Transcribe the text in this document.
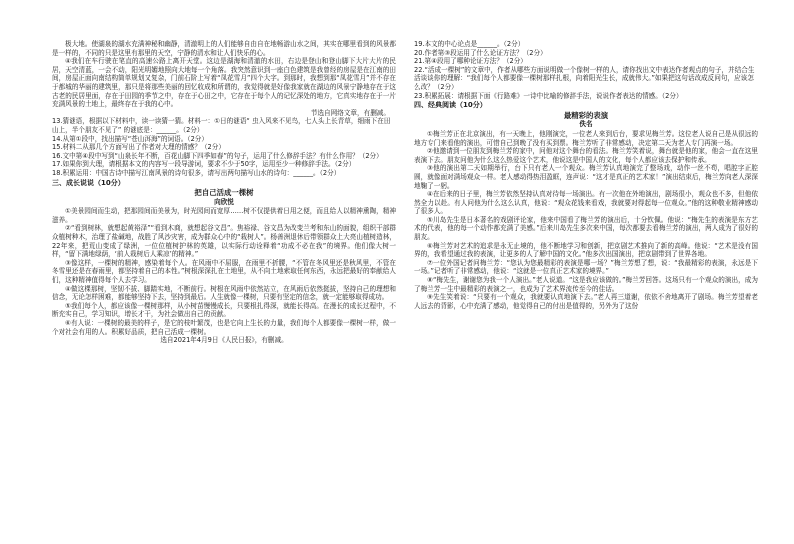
极大地。使湖泉的湖水充满神秘和幽静，清澈明上的人们能够自由自在地畅游山水之间，其实在哪里看到的风景都是一样的，不同的只是这里有那里的天空，宁静的清水和让人们快乐的心。

④我们在车行驶在笔直的高速公路上离开天堂。这边是湖海和清澈的水田，右边是登山和登山脚下大片大片的民居，天空清蓝，一会不动，阳光明媚地照向大地每一个角落。我突然意识到一座白色建筑是我曾经的房屋是在江南的田间，房屋正面向南结构简单规划又复杂，门前石阶上写着“凤花雪月”四个大字。到那时，我想到那“凤花雪月”并不存在于都城的华丽的建筑里，那只是将那些美丽的回忆收成和所谓的，我觉得就是好像我家就在湖边的风景宁静地存在于这古老的民居里面，存在于田园的季节之中，存在于心田之中，它存在于每个人的记忆深处的地方，它真实地存在于一片充满风景的土地上，最终存在于我的心中。

节选自网络文章，有删减。

13.猜谜语，根据以下材料中，读一读猜一猜。材料一：①日的谜语“ 虫入风来不见鸟，七人头上长青草，细雨下在田山上，半个朋友不见了” 的谜底是：______。（2分）

14.从第①段中，找出描写“苍山洱海”的词语。（2分）

15.材料二从那几个方面写出了作者对大理的情感？（2分）

16.文中第④段中写到“山泉长年不断，百花山脚下四季如春”的句子，运用了什么修辞手法？有什么作用？（2分）

17.如果你到大理，请根据本文的内容写一段导游词，要求不少于50字，运用至少一种修辞手法。（2分）

18.积累运用：中国古诗中描写江南风景的诗句很多，请写出两句描写山水的诗句：______。（2分）

三、成长说说（10分）

把自己活成一棵树

向欣悦

①美景园间而生动，把那园间而美景为，时光园间而宽厚……树不仅提供着日用之便，而且给人以精神熏陶，精神滋养。

②“看到树林，就想起黄裕泽”“看到木商，就想起谷文昌”。焦裕禄、谷文昌为改变兰考和东山的面貌，组织干部群众植树种木，治理了盐碱地，战胜了风沙灾害，成为群众心中的“栽树人”。杨善洲退休后带领群众上大亮山植树造林，22年来，把荒山变成了绿洲，一位位植树护林的英雄，以实际行动诠释着“功成不必在我”的境界。他们像大树一样，“留下满地绿荫，‘前人栽树后人乘凉’的精神。”

③像这样，一棵树的精神，感染着每个人。在风雨中不屈服，在雨里不折腰，“不管在冬风里还是秋风里，不管在冬雪里还是在春雨里，都坚持着自己的本性。”树根深深扎在土地里，从不向土地索取任何东西，永远把最好的奉献给人们，这种精神值得每个人去学习。

④做这棵那树，坚韧不拔、脚踏实地，不断前行。树根在风雨中依然站立，在风雨后依然挺拔，坚持自己的理想和信念，无论怎样困难，都能够坚持下去，坚持到最后。人生就像一棵树，只要有坚定的信念，就一定能够取得成功。

⑤我们每个人，都应该像一棵树那样，从小树苗慢慢成长，只要根扎得深，就能长得高。在漫长的成长过程中，不断充实自己，学习知识，增长才干，为社会做出自己的贡献。

⑥有人说：一棵树的最美的样子，是它的枝叶繁茂，也是它向上生长的力量，我们每个人都要像一棵树一样，做一个对社会有用的人。积累好品质，把自己活成一棵树。

选自2021年4月9日《人民日报》，有删减。

19.本文的中心论点是______。（2分）

20.作者第③段运用了什么论证方法？（2分）

21.第④段用了哪种论证方法？（2分）

22.“活成一棵树”的文章中，作者从哪些方面说明做一个像树一样的人，请你找出文中表达作者观点的句子，并结合生活谈谈你的理解：“我们每个人都要像一棵树那样扎根，向着阳光生长，成就伟大。”如果把这句话改成反问句，应该怎么改？（2分）

23.积累拓展：请根据下面《行路难》一诗中比喻的修辞手法，说说作者表达的情感。（2分）

四、经典阅读（10分）

最精彩的表演

佚名

①梅兰芳正在北京演出，有一天晚上，他刚演完，一位老人来到后台，要求见梅兰芳。这位老人说自己是从很远的地方专门来看他的演出，可惜自己到晚了没有买到票。梅兰芳听了非常感动，决定第二天为老人专门再演一场。

②他邀请到一位朋友到梅兰芳的家中，问他对这个舞台的看法。梅兰芳笑着说，舞台就是他的家，他会一直在这里表演下去。朋友问他为什么这么热爱这个艺术，他说这是中国人的文化，每个人都应该去保护和传承。

③他的演出第二天如期举行，台下只有老人一个观众。梅兰芳认真地演完了整场戏，动作一丝不苟，唱腔字正腔圆，就像面对满场观众一样。老人感动得热泪盈眶，连声说：“这才是真正的艺术家！”演出结束后，梅兰芳向老人深深地鞠了一躬。

④在后来的日子里，梅兰芳依然坚持认真对待每一场演出。有一次他在外地演出，剧场很小，观众也不多，但他依然全力以赴。有人问他为什么这么认真，他说：“观众花钱来看戏，我就要对得起每一位观众。”他的这种敬业精神感动了很多人。

⑤川岛先生是日本著名的戏剧评论家，他来中国看了梅兰芳的演出后，十分钦佩。他说：“梅先生的表演是东方艺术的代表，他的每一个动作都充满了美感。”后来川岛先生多次来中国，每次都要去看梅兰芳的演出，两人成为了很好的朋友。

⑥梅兰芳对艺术的追求是永无止境的，他不断地学习和创新，把京剧艺术推向了新的高峰。他说：“艺术是没有国界的，我希望通过我的表演，让更多的人了解中国的文化。”他多次出国演出，把京剧带到了世界各地。

⑦一位外国记者问梅兰芳：“您认为您最精彩的表演是哪一场？”梅兰芳想了想，说：“我最精彩的表演，永远是下一场。”记者听了非常感动，他说：“这就是一位真正艺术家的境界。”

⑧“梅先生，谢谢您为我一个人演出。”老人说道。“这是我应该做的。”梅兰芳回答。这场只有一个观众的演出，成为了梅兰芳一生中最精彩的表演之一，也成为了艺术界流传至今的佳话。

⑨先生笑着说：“只要有一个观众，我就要认真地演下去。”老人再三道谢，依依不舍地离开了剧场。梅兰芳望着老人远去的背影，心中充满了感动，他觉得自己的付出是值得的，另外为了这份
